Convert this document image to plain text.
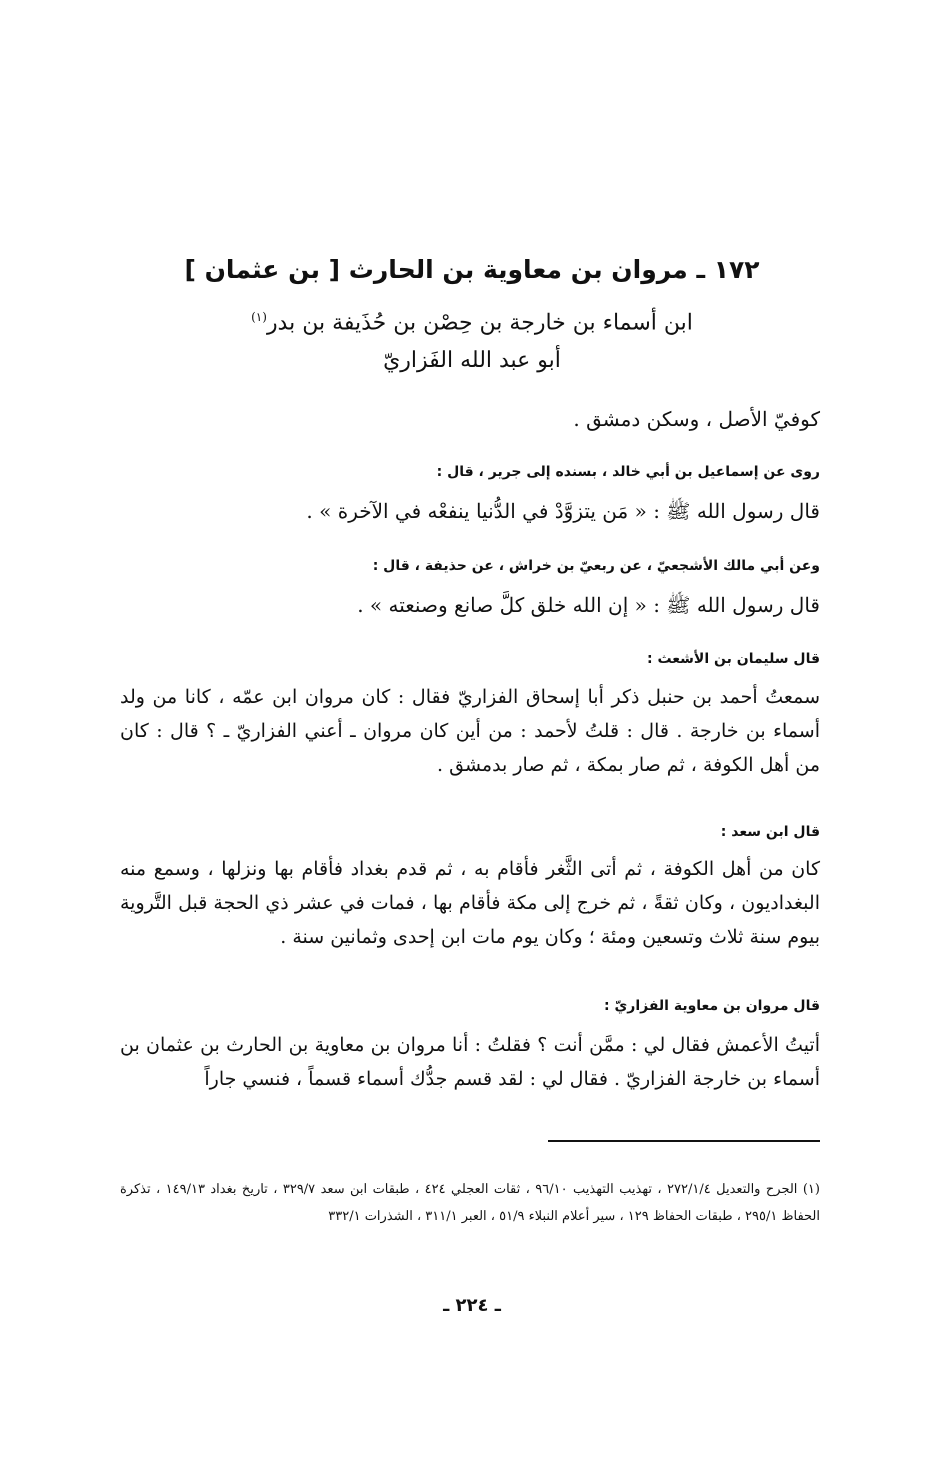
١٧٢ ـ مروان بن معاوية بن الحارث [ بن عثمان ]
ابن أسماء بن خارجة بن حِصْن بن حُذَيفة بن بدر$^{(١)}$
أبو عبد الله الفَزاريّ
كوفيّ الأصل ، وسكن دمشق .
روى عن إسماعيل بن أبي خالد ، بسنده إلى جرير ، قال :
قال رسول الله ﷺ : « مَن يتزوَّدْ في الدُّنيا ينفعْه في الآخرة » .
وعن أبي مالك الأشجعيّ ، عن ربعيّ بن خراش ، عن حذيفة ، قال :
قال رسول الله ﷺ : « إن الله خلق كلَّ صانع وصنعته » .
قال سليمان بن الأشعث :
سمعتُ أحمد بن حنبل ذكر أبا إسحاق الفزاريّ فقال : كان مروان ابن عمّه ، كانا من ولد أسماء بن خارجة . قال : قلتُ لأحمد : من أين كان مروان ـ أعني الفزاريّ ـ ؟ قال : كان من أهل الكوفة ، ثم صار بمكة ، ثم صار بدمشق .
قال ابن سعد :
كان من أهل الكوفة ، ثم أتى الثَّغر فأقام به ، ثم قدم بغداد فأقام بها ونزلها ، وسمع منه البغداديون ، وكان ثقةً ، ثم خرج إلى مكة فأقام بها ، فمات في عشر ذي الحجة قبل التَّروية بيوم سنة ثلاث وتسعين ومئة ؛ وكان يوم مات ابن إحدى وثمانين سنة .
قال مروان بن معاوية الفزاريّ :
أتيتُ الأعمش فقال لي : ممَّن أنت ؟ فقلتُ : أنا مروان بن معاوية بن الحارث بن عثمان بن أسماء بن خارجة الفزاريّ . فقال لي : لقد قسم جدُّك أسماء قسماً ، فنسي جاراً
(١) الجرح والتعديل ٢٧٢/١/٤ ، تهذيب التهذيب ٩٦/١٠ ، ثقات العجلي ٤٢٤ ، طبقات ابن سعد ٣٢٩/٧ ، تاريخ بغداد ١٤٩/١٣ ، تذكرة الحفاظ ٢٩٥/١ ، طبقات الحفاظ ١٢٩ ، سير أعلام النبلاء ٥١/٩ ، العبر ٣١١/١ ، الشذرات ٣٣٢/١
ـ ٢٢٤ ـ
